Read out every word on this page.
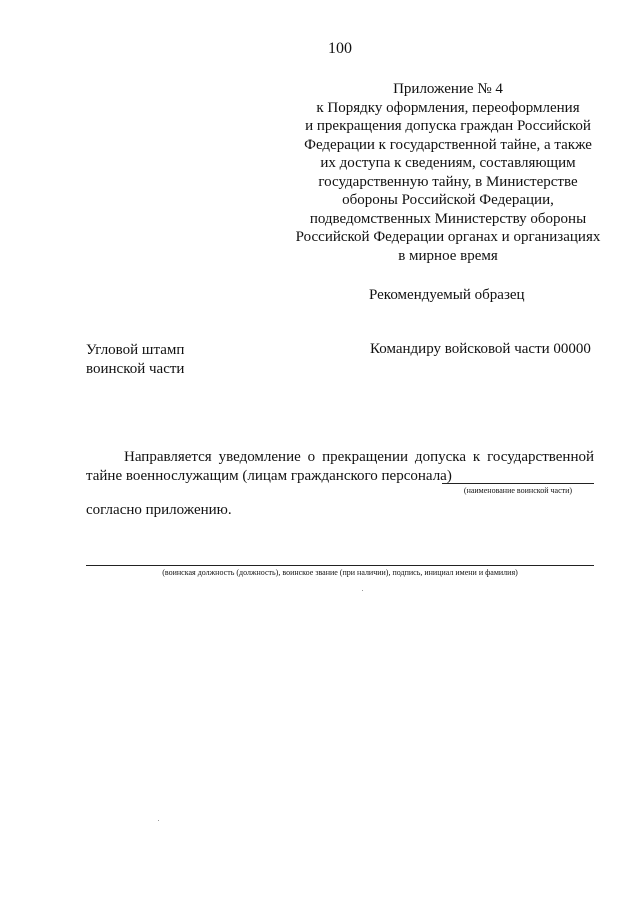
100
Приложение № 4
к Порядку оформления, переоформления
и прекращения допуска граждан Российской
Федерации к государственной тайне, а также
их доступа к сведениям, составляющим
государственную тайну, в Министерстве
обороны Российской Федерации,
подведомственных Министерству обороны
Российской Федерации органах и организациях
в мирное время
Рекомендуемый образец
Угловой штамп
воинской части
Командиру войсковой части 00000
Направляется уведомление о прекращении допуска к государственной
тайне военнослужащим (лицам гражданского персонала)
(наименование воинской части)
согласно приложению.
(воинская должность (должность), воинское звание (при наличии), подпись, инициал имени и фамилия)
